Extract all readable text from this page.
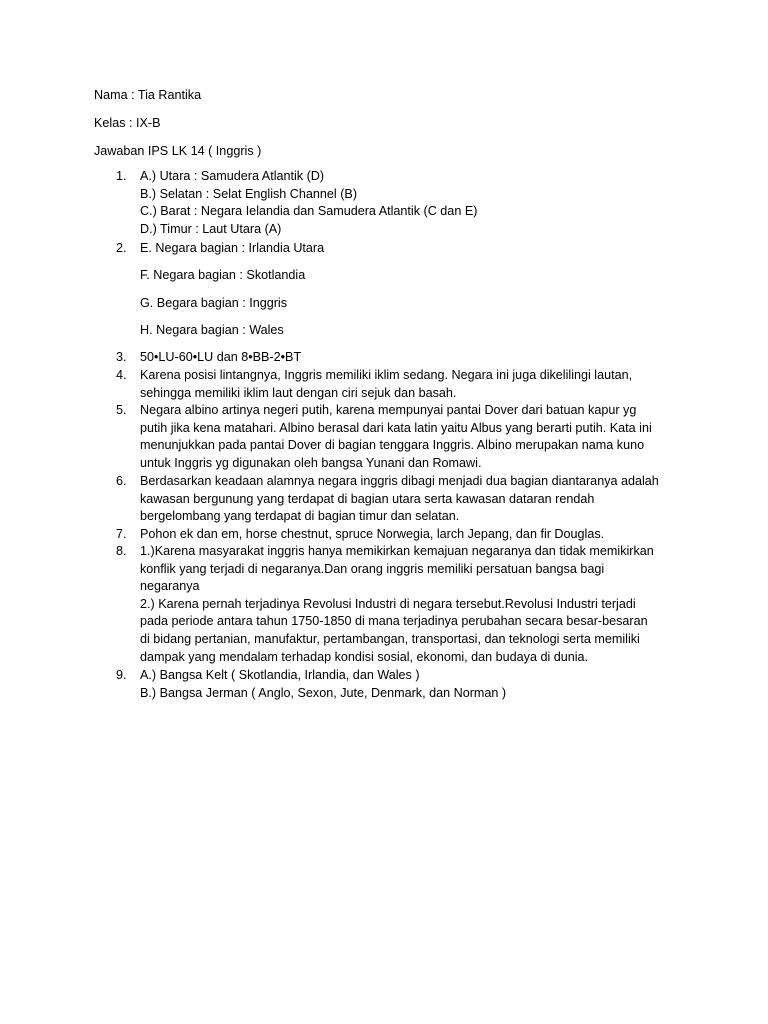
Nama : Tia Rantika

Kelas : IX-B

Jawaban IPS LK 14 ( Inggris )

1.	A.) Utara : Samudera Atlantik (D)
B.) Selatan : Selat English Channel (B)
C.) Barat : Negara Ielandia dan Samudera Atlantik (C dan E)
D.) Timur : Laut Utara (A)
2.	E. Negara bagian : Irlandia Utara
F. Negara bagian : Skotlandia
G. Begara bagian : Inggris
H. Negara bagian : Wales
3.	50•LU-60•LU dan 8•BB-2•BT
4.	Karena posisi lintangnya, Inggris memiliki iklim sedang. Negara ini juga dikelilingi lautan,
sehingga memiliki iklim laut dengan ciri sejuk dan basah.
5.	Negara albino artinya negeri putih, karena mempunyai pantai Dover dari batuan kapur yg
putih jika kena matahari. Albino berasal dari kata latin yaitu Albus yang berarti putih. Kata ini
menunjukkan pada pantai Dover di bagian tenggara Inggris. Albino merupakan nama kuno
untuk Inggris yg digunakan oleh bangsa Yunani dan Romawi.
6.	Berdasarkan keadaan alamnya negara inggris dibagi menjadi dua bagian diantaranya adalah
kawasan bergunung yang terdapat di bagian utara serta kawasan dataran rendah
bergelombang yang terdapat di bagian timur dan selatan.
7.	Pohon ek dan em, horse chestnut, spruce Norwegia, larch Jepang, dan fir Douglas.
8.	1.)Karena masyarakat inggris hanya memikirkan kemajuan negaranya dan tidak memikirkan
konflik yang terjadi di negaranya.Dan orang inggris memiliki persatuan bangsa bagi
negaranya
2.) Karena pernah terjadinya Revolusi Industri di negara tersebut.Revolusi Industri terjadi
pada periode antara tahun 1750-1850 di mana terjadinya perubahan secara besar-besaran
di bidang pertanian, manufaktur, pertambangan, transportasi, dan teknologi serta memiliki
dampak yang mendalam terhadap kondisi sosial, ekonomi, dan budaya di dunia.
9.	A.) Bangsa Kelt ( Skotlandia, Irlandia, dan Wales )
B.) Bangsa Jerman ( Anglo, Sexon, Jute, Denmark, dan Norman )
